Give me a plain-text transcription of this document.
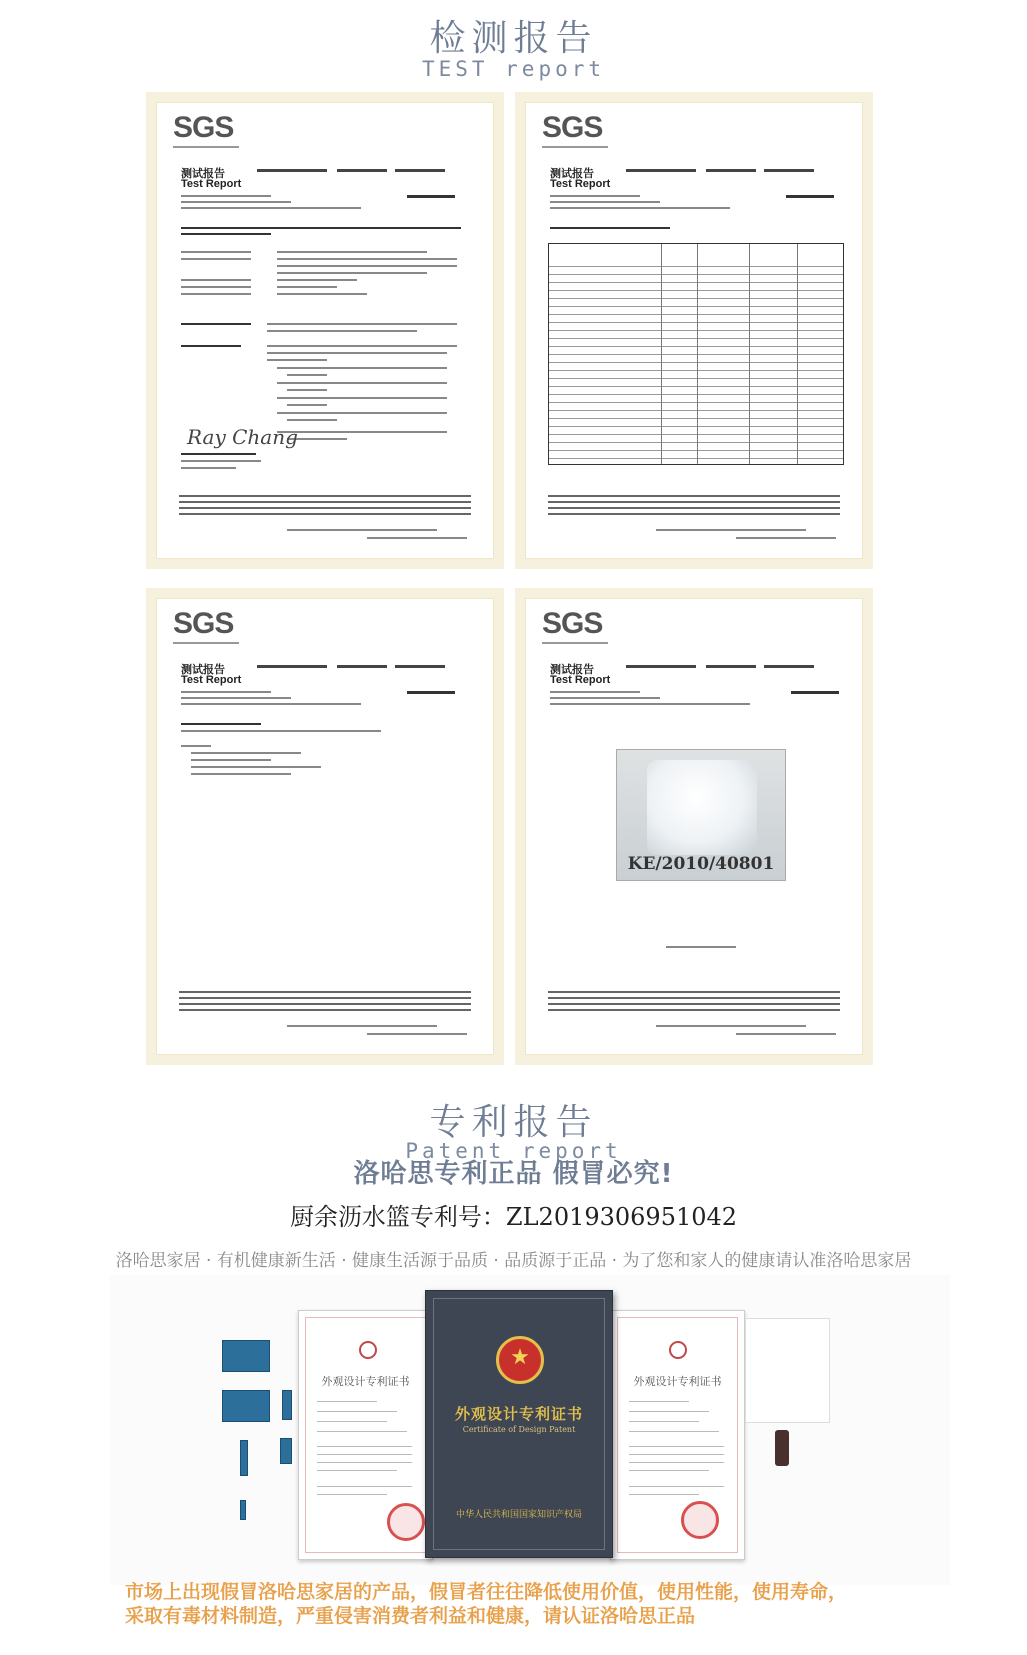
检测报告
TEST report
SGS
测试报告
Test Report
Ray Chang
SGS
测试报告
Test Report
SGS
测试报告
Test Report
SGS
测试报告
Test Report
KE/2010/40801
专利报告
Patent report
洛哈思专利正品 假冒必究!
厨余沥水篮专利号：ZL2019306951042
洛哈思家居 · 有机健康新生活 · 健康生活源于品质 · 品质源于正品 · 为了您和家人的健康请认准洛哈思家居
外观设计专利证书	外观设计专利证书
★
外观设计专利证书
Certificate of Design Patent
中华人民共和国国家知识产权局
市场上出现假冒洛哈思家居的产品，假冒者往往降低使用价值，使用性能，使用寿命，
采取有毒材料制造，严重侵害消费者利益和健康，请认证洛哈思正品
